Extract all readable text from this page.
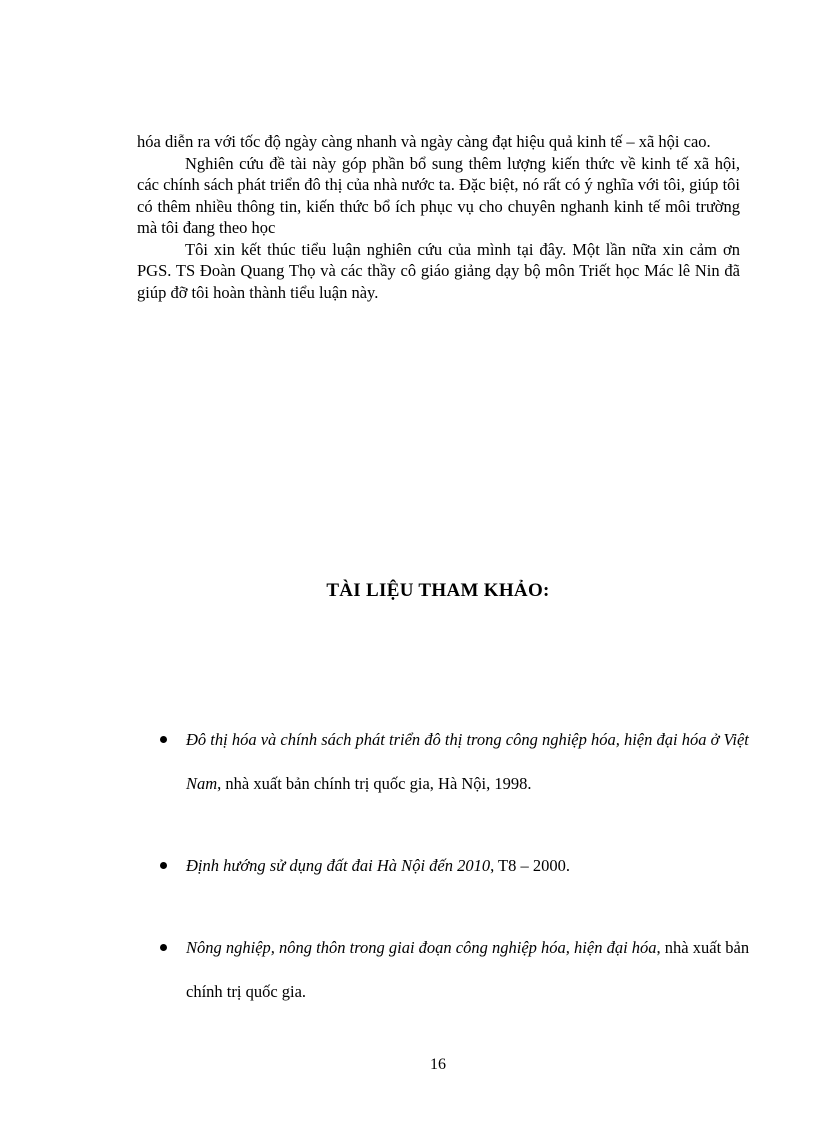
hóa diễn ra với tốc độ ngày càng nhanh và ngày càng đạt hiệu quả kinh tế – xã hội cao.

Nghiên cứu đề tài này góp phần bổ sung thêm lượng kiến thức về kinh tế xã hội, các chính sách phát triển đô thị của nhà nước ta. Đặc biệt, nó rất có ý nghĩa với tôi, giúp tôi có thêm nhiều thông tin, kiến thức bổ ích phục vụ cho chuyên nghanh kinh tế môi trường mà tôi đang theo học

Tôi xin kết thúc tiểu luận nghiên cứu của mình tại đây. Một lần nữa xin cảm ơn PGS. TS Đoàn Quang Thọ và các thầy cô giáo giảng dạy bộ môn Triết học Mác lê Nin đã giúp đỡ tôi hoàn thành tiểu luận này.

TÀI LIỆU THAM KHẢO:
Đô thị hóa và chính sách phát triển đô thị trong công nghiệp hóa, hiện đại hóa ở Việt Nam, nhà xuất bản chính trị quốc gia, Hà Nội, 1998.
Định hướng sử dụng đất đai Hà Nội đến 2010, T8 – 2000.
Nông nghiệp, nông thôn trong giai đoạn công nghiệp hóa, hiện đại hóa, nhà xuất bản chính trị quốc gia.
16
